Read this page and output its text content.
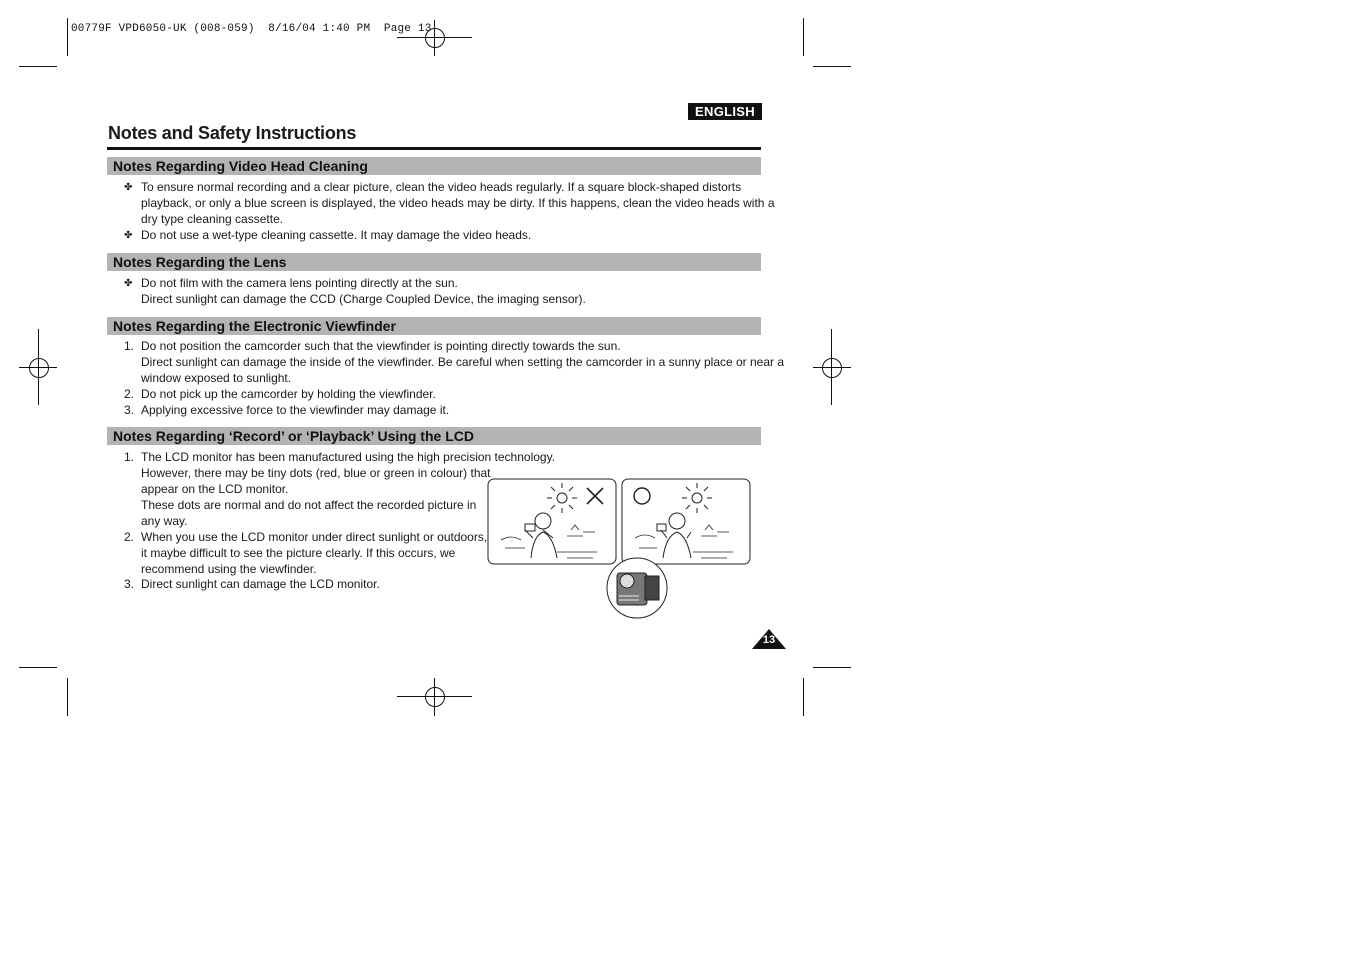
00779F VPD6050-UK (008-059) 8/16/04 1:40 PM Page 13
ENGLISH
Notes and Safety Instructions
Notes Regarding Video Head Cleaning
✤ To ensure normal recording and a clear picture, clean the video heads regularly. If a square block-shaped distorts
playback, or only a blue screen is displayed, the video heads may be dirty. If this happens, clean the video heads with a
dry type cleaning cassette.
✤ Do not use a wet-type cleaning cassette. It may damage the video heads.
Notes Regarding the Lens
✤ Do not film with the camera lens pointing directly at the sun.
Direct sunlight can damage the CCD (Charge Coupled Device, the imaging sensor).
Notes Regarding the Electronic Viewfinder
1. Do not position the camcorder such that the viewfinder is pointing directly towards the sun.
Direct sunlight can damage the inside of the viewfinder. Be careful when setting the camcorder in a sunny place or near a
window exposed to sunlight.
2. Do not pick up the camcorder by holding the viewfinder.
3. Applying excessive force to the viewfinder may damage it.
Notes Regarding ‘Record’ or ‘Playback’ Using the LCD
1. The LCD monitor has been manufactured using the high precision technology.
However, there may be tiny dots (red, blue or green in colour) that
appear on the LCD monitor.
These dots are normal and do not affect the recorded picture in
any way.
2. When you use the LCD monitor under direct sunlight or outdoors,
it maybe difficult to see the picture clearly. If this occurs, we
recommend using the viewfinder.
3. Direct sunlight can damage the LCD monitor.
13
